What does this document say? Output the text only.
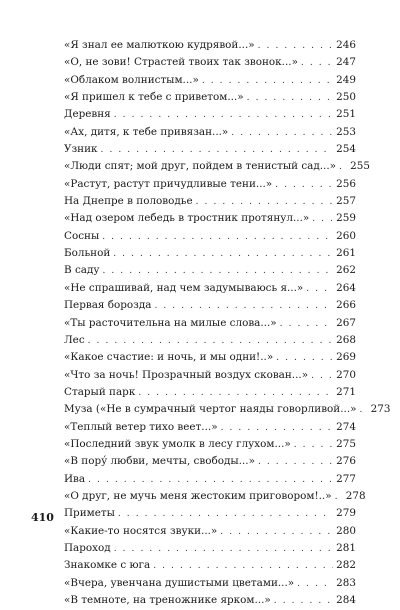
«Я знал ее малюткою кудрявой...» . . .	246
«О, не зови! Страстей твоих так звонок...» . . .	247
«Облаком волнистым...» . . .	249
«Я пришел к тебе с приветом...» . . .	250
Деревня . . .	251
«Ах, дитя, к тебе привязан...» . . .	253
Узник . . .	254
«Люди спят; мой друг, пойдем в тенистый сад...» . . .	255
«Растут, растут причудливые тени...» . . .	256
На Днепре в половодье . . .	257
«Над озером лебедь в тростник протянул...» . . .	259
Сосны . . .	260
Больной . . .	261
В саду . . .	262
«Не спрашивай, над чем задумываюсь я...» . . .	264
Первая борозда . . .	266
«Ты расточительна на милые слова...» . . .	267
Лес . . .	268
«Какое счастие: и ночь, и мы одни!..» . . .	269
«Что за ночь! Прозрачный воздух скован...» . . .	270
Старый парк . . .	271
Муза («Не в сумрачный чертог наяды говорливой...» . . .	273
«Теплый ветер тихо веет...» . . .	274
«Последний звук умолк в лесу глухом...» . . .	275
«В пору́ любви, мечты, свободы...» . . .	276
Ива . . .	277
«О друг, не мучь меня жестоким приговором!..» . . .	278
Приметы . . .	279
«Какие-то носятся звуки...» . . .	280
Пароход . . .	281
Знакомке с юга . . .	282
«Вчера, увенчана душистыми цветами...» . . .	283
«В темноте, на треножнике ярком...» . . .	284
410
